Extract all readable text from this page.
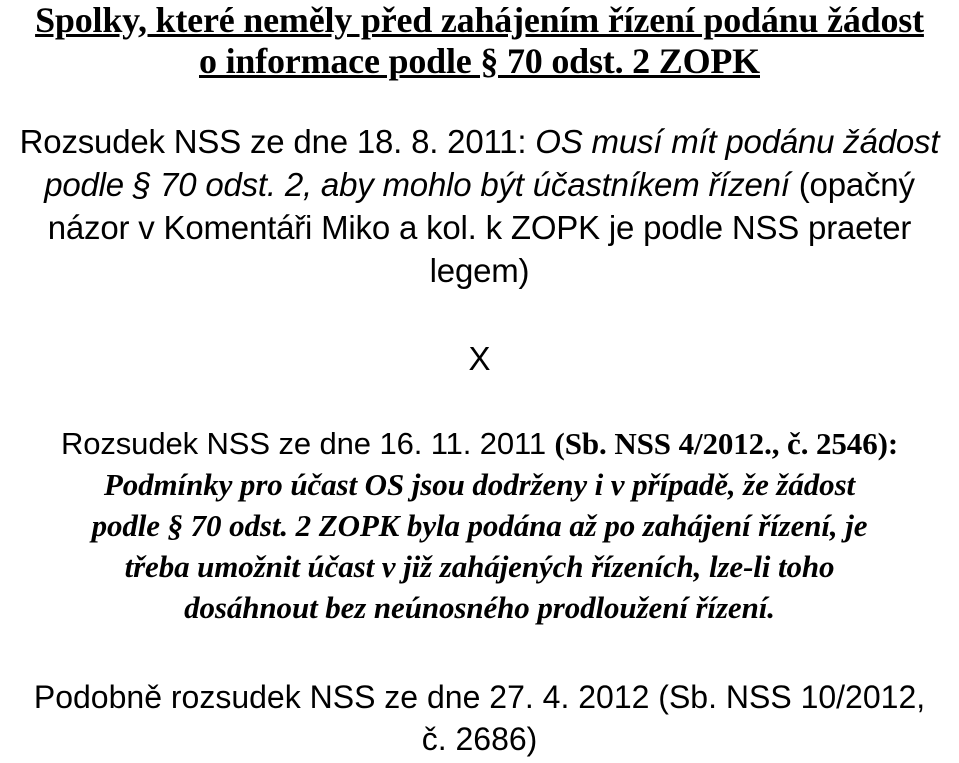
Spolky, které neměly před zahájením řízení podánu žádost
o informace podle § 70 odst. 2 ZOPK
Rozsudek NSS ze dne 18. 8. 2011: OS musí mít podánu žádost
podle § 70 odst. 2, aby mohlo být účastníkem řízení (opačný
názor v Komentáři Miko a kol. k ZOPK je podle NSS praeter
legem)
X
Rozsudek NSS ze dne 16. 11. 2011 (Sb. NSS 4/2012., č. 2546):
Podmínky pro účast OS jsou dodrženy i v případě, že žádost
podle § 70 odst. 2 ZOPK byla podána až po zahájení řízení, je
třeba umožnit účast v již zahájených řízeních, lze-li toho
dosáhnout bez neúnosného prodloužení řízení.
Podobně rozsudek NSS ze dne 27. 4. 2012 (Sb. NSS 10/2012,
č. 2686)
